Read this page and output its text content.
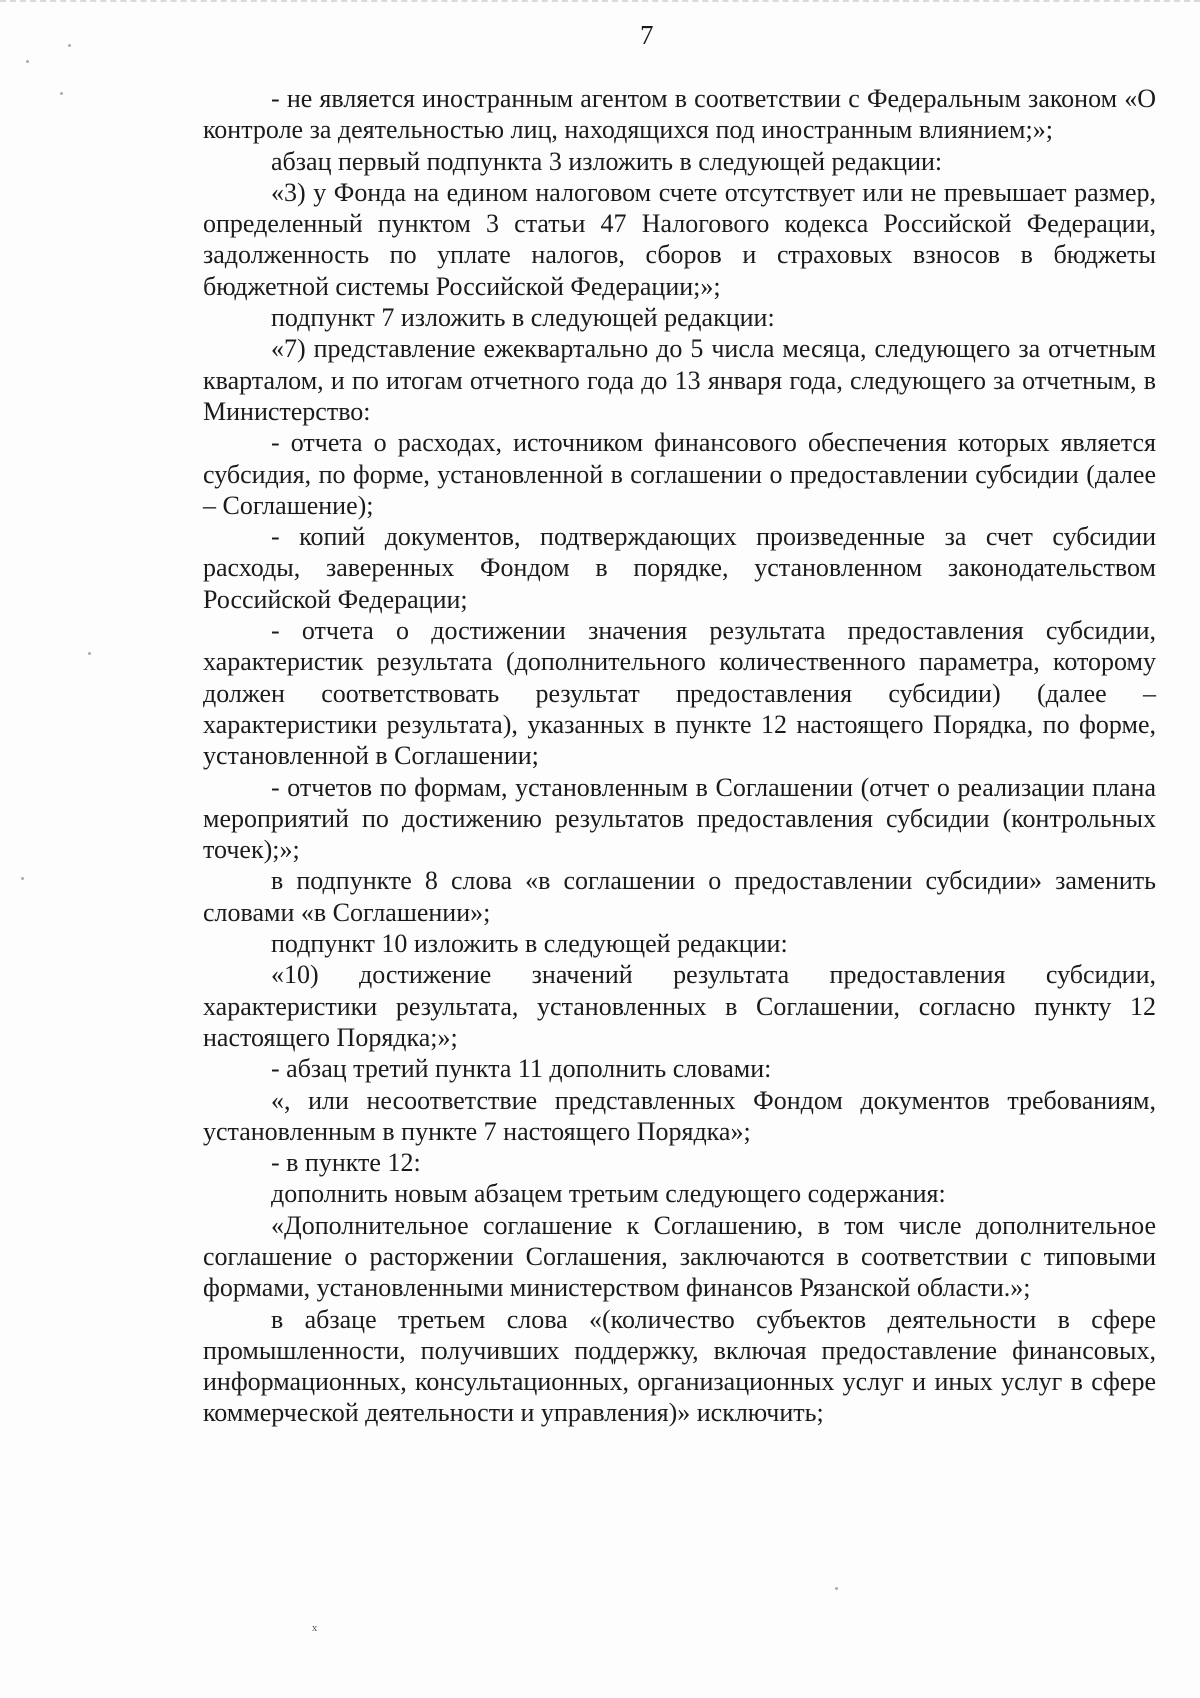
7

- не является иностранным агентом в соответствии с Федеральным законом «О контроле за деятельностью лиц, находящихся под иностранным влиянием;»;

абзац первый подпункта 3 изложить в следующей редакции:

«3) у Фонда на едином налоговом счете отсутствует или не превышает размер, определенный пунктом 3 статьи 47 Налогового кодекса Российской Федерации, задолженность по уплате налогов, сборов и страховых взносов в бюджеты бюджетной системы Российской Федерации;»;

подпункт 7 изложить в следующей редакции:

«7) представление ежеквартально до 5 числа месяца, следующего за отчетным кварталом, и по итогам отчетного года до 13 января года, следующего за отчетным, в Министерство:

- отчета о расходах, источником финансового обеспечения которых является субсидия, по форме, установленной в соглашении о предоставлении субсидии (далее – Соглашение);

- копий документов, подтверждающих произведенные за счет субсидии расходы, заверенных Фондом в порядке, установленном законодательством Российской Федерации;

- отчета о достижении значения результата предоставления субсидии, характеристик результата (дополнительного количественного параметра, которому должен соответствовать результат предоставления субсидии) (далее – характеристики результата), указанных в пункте 12 настоящего Порядка, по форме, установленной в Соглашении;

- отчетов по формам, установленным в Соглашении (отчет о реализации плана мероприятий по достижению результатов предоставления субсидии (контрольных точек);»;

в подпункте 8 слова «в соглашении о предоставлении субсидии» заменить словами «в Соглашении»;

подпункт 10 изложить в следующей редакции:

«10) достижение значений результата предоставления субсидии, характеристики результата, установленных в Соглашении, согласно пункту 12 настоящего Порядка;»;

- абзац третий пункта 11 дополнить словами:

«, или несоответствие представленных Фондом документов требованиям, установленным в пункте 7 настоящего Порядка»;

- в пункте 12:

дополнить новым абзацем третьим следующего содержания:

«Дополнительное соглашение к Соглашению, в том числе дополнительное соглашение о расторжении Соглашения, заключаются в соответствии с типовыми формами, установленными министерством финансов Рязанской области.»;

в абзаце третьем слова «(количество субъектов деятельности в сфере промышленности, получивших поддержку, включая предоставление финансовых, информационных, консультационных, организационных услуг и иных услуг в сфере коммерческой деятельности и управления)» исключить;

ˣ
